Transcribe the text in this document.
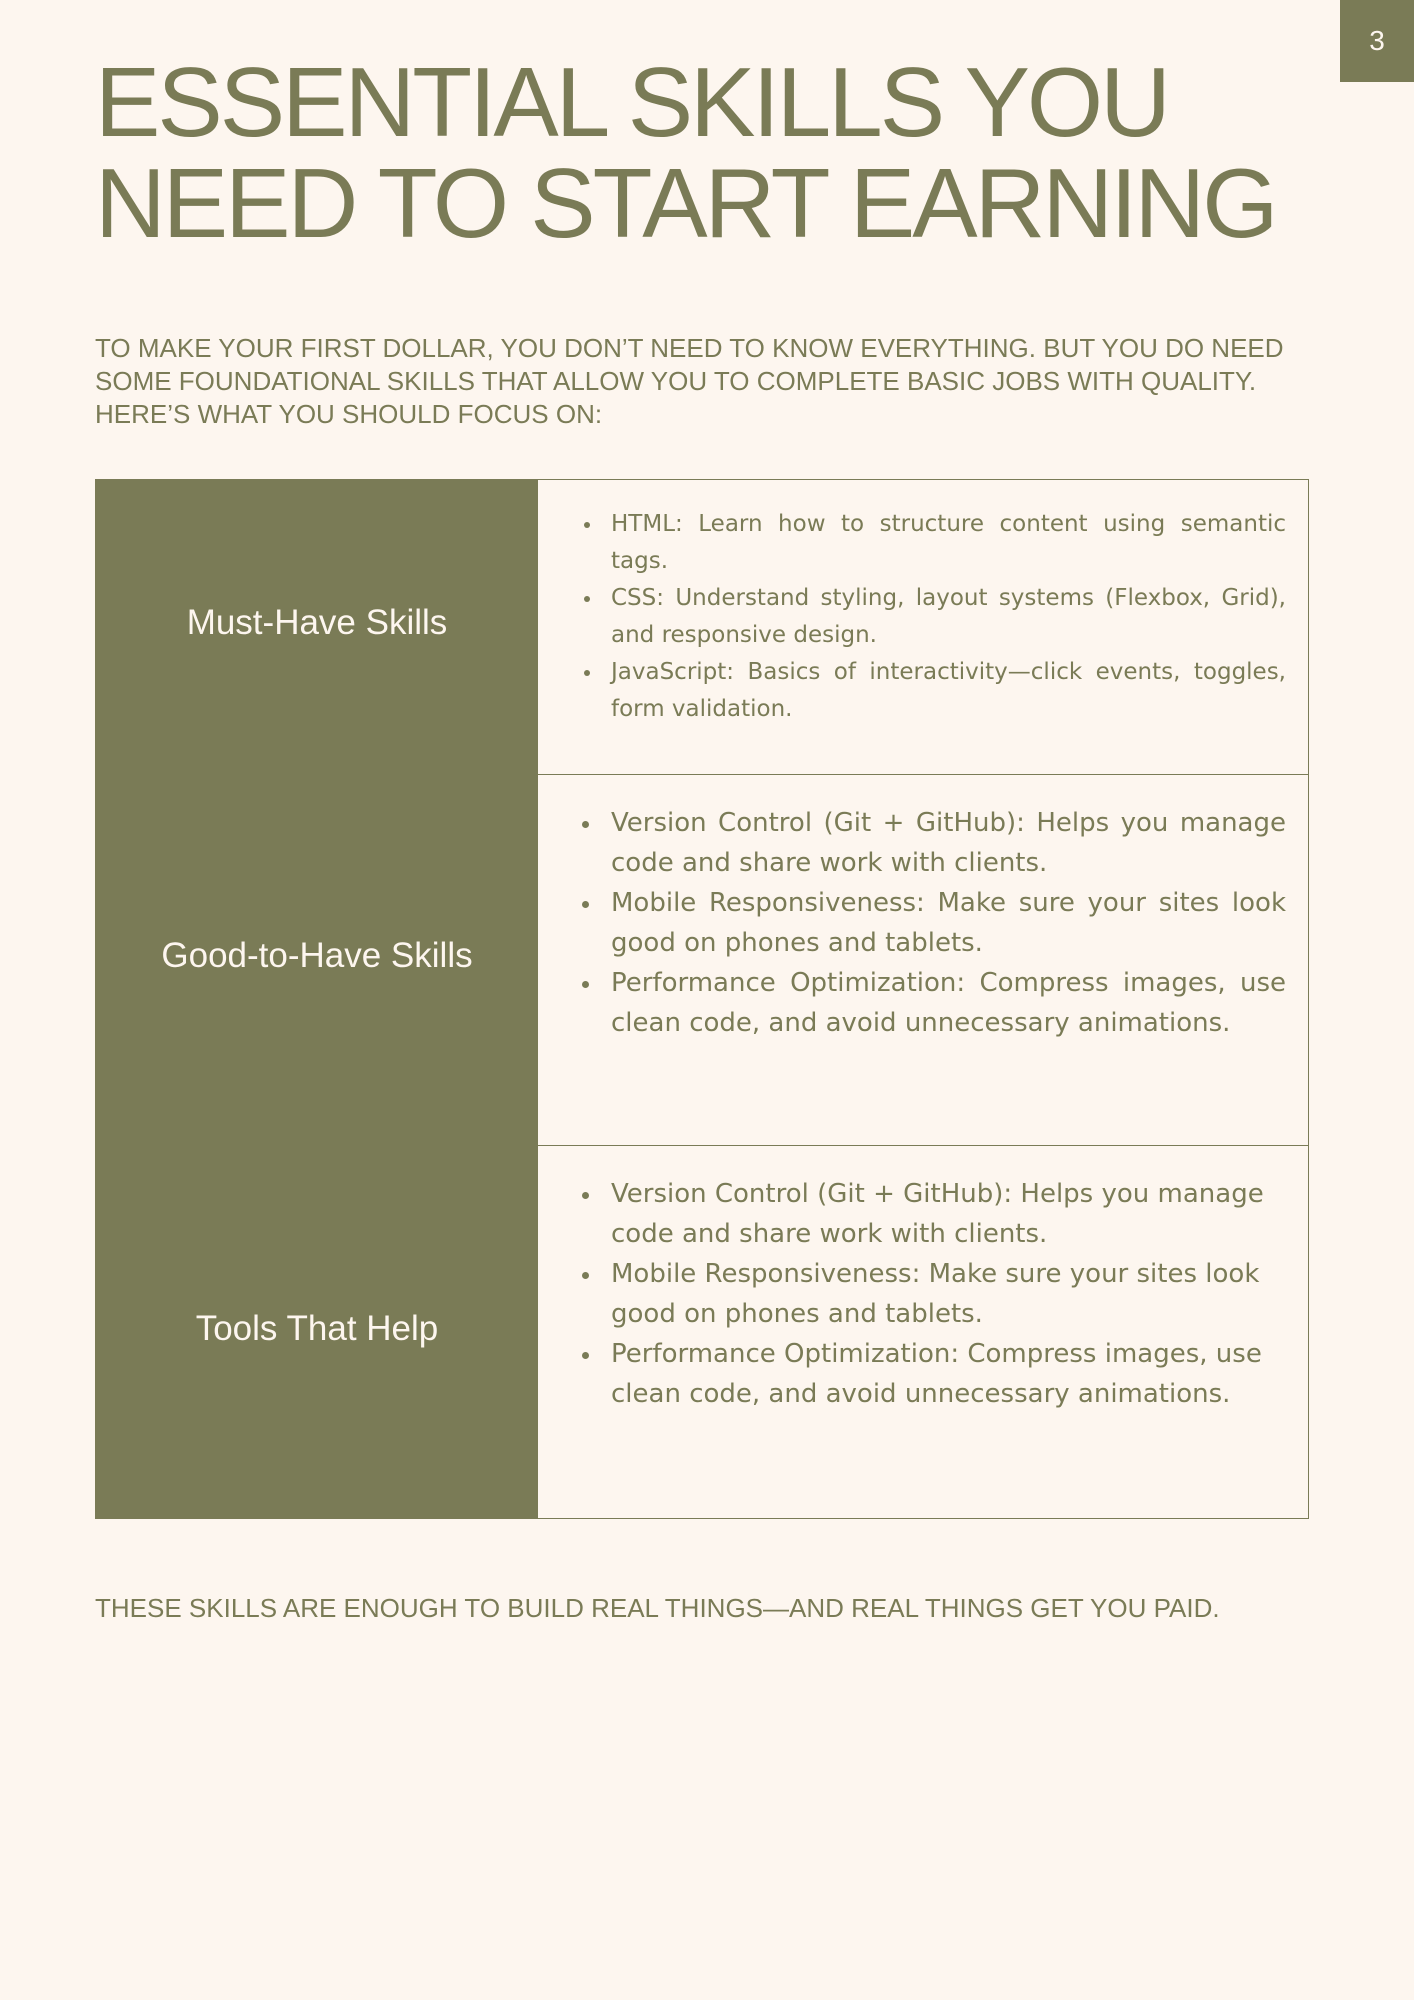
3
ESSENTIAL SKILLS YOU NEED TO START EARNING

TO MAKE YOUR FIRST DOLLAR, YOU DON’T NEED TO KNOW EVERYTHING. BUT YOU DO NEED SOME FOUNDATIONAL SKILLS THAT ALLOW YOU TO COMPLETE BASIC JOBS WITH QUALITY. HERE’S WHAT YOU SHOULD FOCUS ON:

Must-Have Skills
Good-to-Have Skills
Tools That Help
• HTML: Learn how to structure content using semantic tags.
• CSS: Understand styling, layout systems (Flexbox, Grid), and responsive design.
• JavaScript: Basics of interactivity—click events, toggles, form validation.
• Version Control (Git + GitHub): Helps you manage code and share work with clients.
• Mobile Responsiveness: Make sure your sites look good on phones and tablets.
• Performance Optimization: Compress images, use clean code, and avoid unnecessary animations.
• Version Control (Git + GitHub): Helps you manage code and share work with clients.
• Mobile Responsiveness: Make sure your sites look good on phones and tablets.
• Performance Optimization: Compress images, use clean code, and avoid unnecessary animations.

THESE SKILLS ARE ENOUGH TO BUILD REAL THINGS—AND REAL THINGS GET YOU PAID.
